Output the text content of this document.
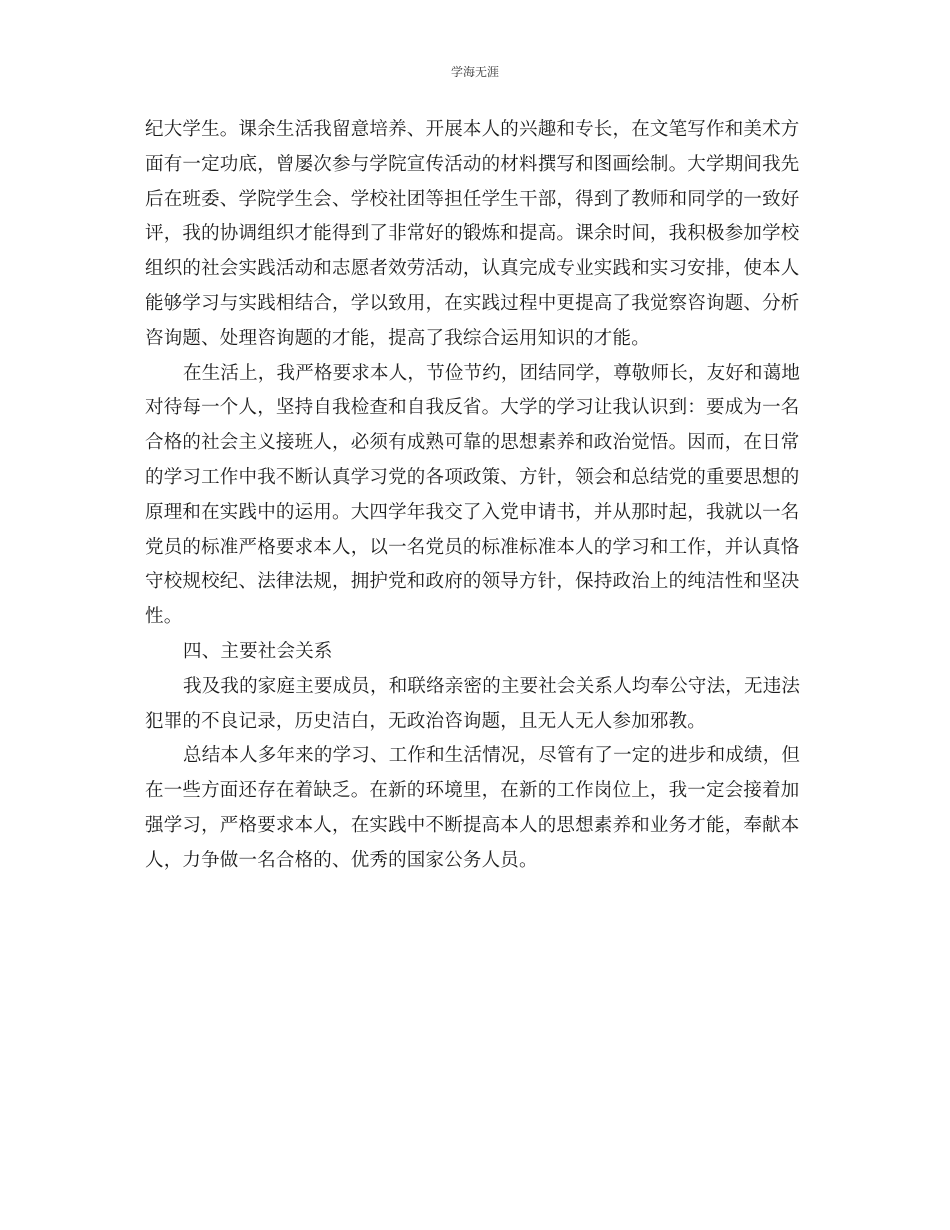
学海无涯
纪大学生。课余生活我留意培养、开展本人的兴趣和专长，在文笔写作和美术方
面有一定功底，曾屡次参与学院宣传活动的材料撰写和图画绘制。大学期间我先
后在班委、学院学生会、学校社团等担任学生干部，得到了教师和同学的一致好
评，我的协调组织才能得到了非常好的锻炼和提高。课余时间，我积极参加学校
组织的社会实践活动和志愿者效劳活动，认真完成专业实践和实习安排，使本人
能够学习与实践相结合，学以致用，在实践过程中更提高了我觉察咨询题、分析
咨询题、处理咨询题的才能，提高了我综合运用知识的才能。
在生活上，我严格要求本人，节俭节约，团结同学，尊敬师长，友好和蔼地
对待每一个人，坚持自我检查和自我反省。大学的学习让我认识到：要成为一名
合格的社会主义接班人，必须有成熟可靠的思想素养和政治觉悟。因而，在日常
的学习工作中我不断认真学习党的各项政策、方针，领会和总结党的重要思想的
原理和在实践中的运用。大四学年我交了入党申请书，并从那时起，我就以一名
党员的标准严格要求本人，以一名党员的标准标准本人的学习和工作，并认真恪
守校规校纪、法律法规，拥护党和政府的领导方针，保持政治上的纯洁性和坚决
性。
四、主要社会关系
我及我的家庭主要成员，和联络亲密的主要社会关系人均奉公守法，无违法
犯罪的不良记录，历史洁白，无政治咨询题，且无人无人参加邪教。
总结本人多年来的学习、工作和生活情况，尽管有了一定的进步和成绩，但
在一些方面还存在着缺乏。在新的环境里，在新的工作岗位上，我一定会接着加
强学习，严格要求本人，在实践中不断提高本人的思想素养和业务才能，奉献本
人，力争做一名合格的、优秀的国家公务人员。
